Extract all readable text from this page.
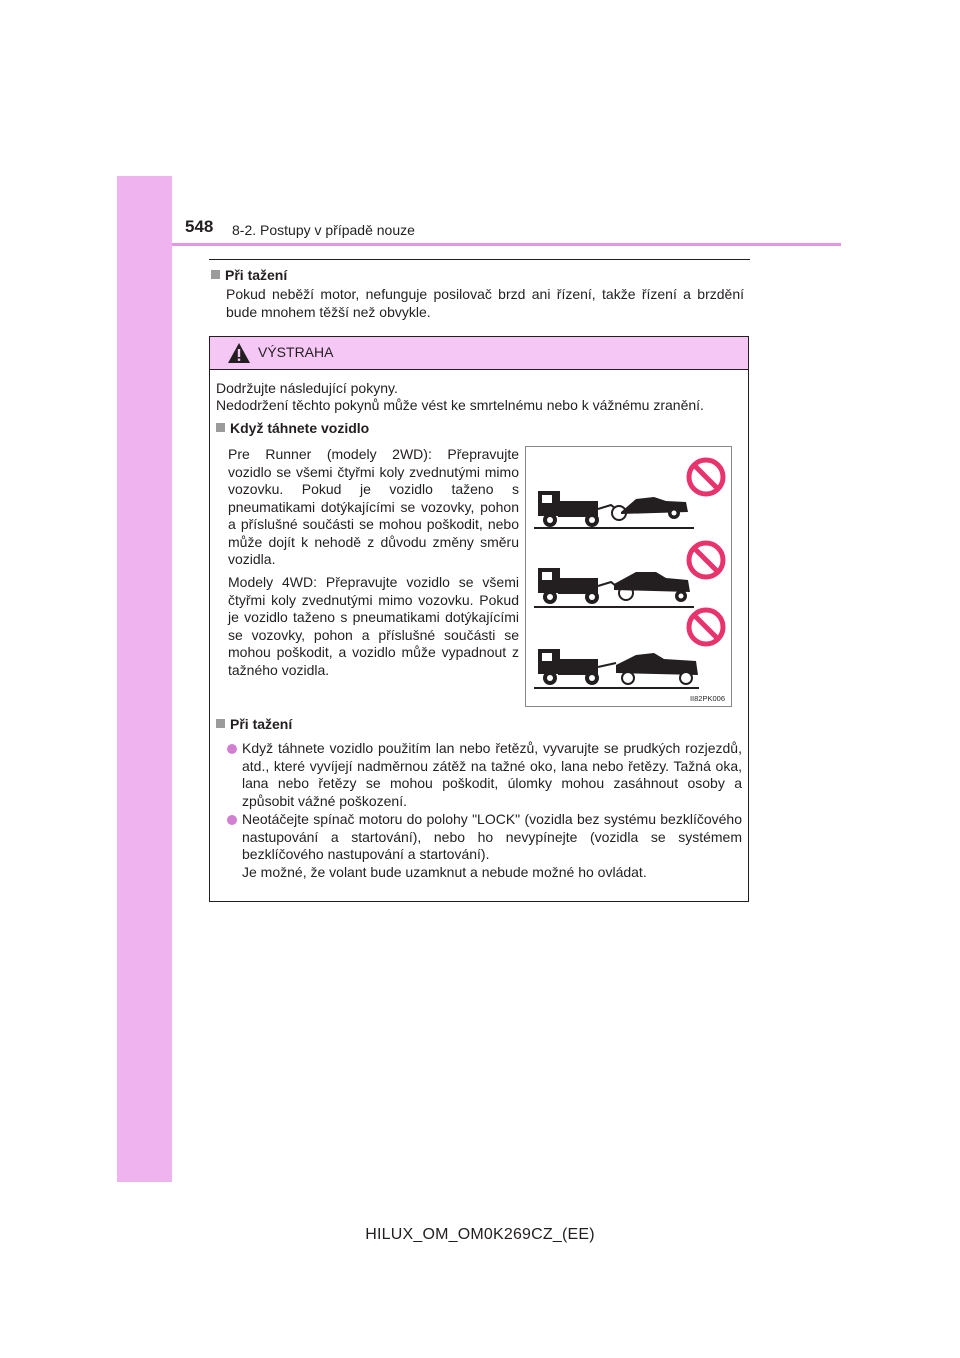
548 8-2. Postupy v případě nouze
Při tažení
Pokud neběží motor, nefunguje posilovač brzd ani řízení, takže řízení a brzdění bude mnohem těžší než obvykle.
VÝSTRAHA
Dodržujte následující pokyny.
Nedodržení těchto pokynů může vést ke smrtelnému nebo k vážnému zranění.
Když táhnete vozidlo
Pre Runner (modely 2WD): Přepravujte vozidlo se všemi čtyřmi koly zvednutými mimo vozovku. Pokud je vozidlo taženo s pneumatikami dotýkajícími se vozovky, pohon a příslušné součásti se mohou poškodit, nebo může dojít k nehodě z důvodu změny směru vozidla.
Modely 4WD: Přepravujte vozidlo se všemi čtyřmi koly zvednutými mimo vozovku. Pokud je vozidlo taženo s pneumatikami dotýkajícími se vozovky, pohon a příslušné součásti se mohou poškodit, a vozidlo může vypadnout z tažného vozidla.
Při tažení
Když táhnete vozidlo použitím lan nebo řetězů, vyvarujte se prudkých rozjezdů, atd., které vyvíjejí nadměrnou zátěž na tažné oko, lana nebo řetězy. Tažná oka, lana nebo řetězy se mohou poškodit, úlomky mohou zasáhnout osoby a způsobit vážné poškození.
Neotáčejte spínač motoru do polohy "LOCK" (vozidla bez systému bezklíčového nastupování a startování), nebo ho nevypínejte (vozidla se systémem bezklíčového nastupování a startování).
Je možné, že volant bude uzamknut a nebude možné ho ovládat.
II82PK006
HILUX_OM_OM0K269CZ_(EE)
